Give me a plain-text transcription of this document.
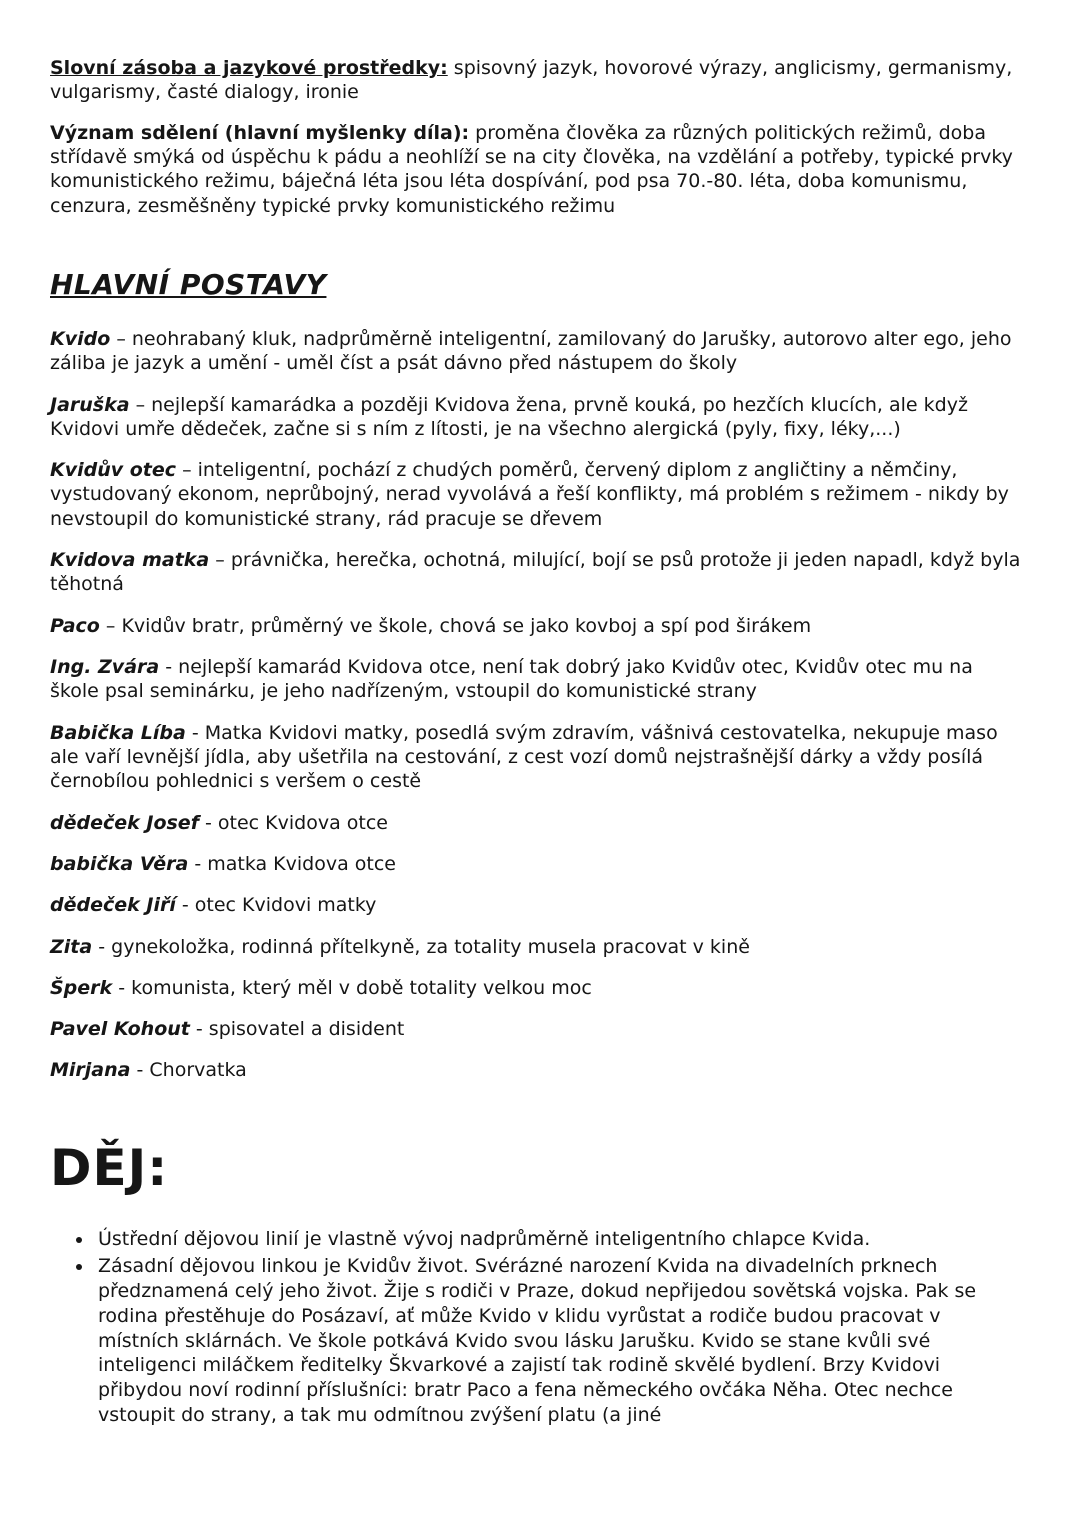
Slovní zásoba a jazykové prostředky: spisovný jazyk, hovorové výrazy, anglicismy, germanismy, vulgarismy, časté dialogy, ironie

Význam sdělení (hlavní myšlenky díla): proměna člověka za různých politických režimů, doba střídavě smýká od úspěchu k pádu a neohlíží se na city člověka, na vzdělání a potřeby, typické prvky komunistického režimu, báječná léta jsou léta dospívání, pod psa 70.-80. léta, doba komunismu, cenzura, zesměšněny typické prvky komunistického režimu

HLAVNÍ POSTAVY

Kvido – neohrabaný kluk, nadprůměrně inteligentní, zamilovaný do Jarušky, autorovo alter ego, jeho záliba je jazyk a umění - uměl číst a psát dávno před nástupem do školy

Jaruška – nejlepší kamarádka a později Kvidova žena, prvně kouká, po hezčích klucích, ale když Kvidovi umře dědeček, začne si s ním z lítosti, je na všechno alergická (pyly, fixy, léky,...)

Kvidův otec – inteligentní, pochází z chudých poměrů, červený diplom z angličtiny a němčiny, vystudovaný ekonom, neprůbojný, nerad vyvolává a řeší konflikty, má problém s režimem - nikdy by nevstoupil do komunistické strany, rád pracuje se dřevem

Kvidova matka – právnička, herečka, ochotná, milující, bojí se psů protože ji jeden napadl, když byla těhotná

Paco – Kvidův bratr, průměrný ve škole, chová se jako kovboj a spí pod širákem

Ing. Zvára - nejlepší kamarád Kvidova otce, není tak dobrý jako Kvidův otec, Kvidův otec mu na škole psal seminárku, je jeho nadřízeným, vstoupil do komunistické strany

Babička Líba - Matka Kvidovi matky, posedlá svým zdravím, vášnivá cestovatelka, nekupuje maso ale vaří levnější jídla, aby ušetřila na cestování, z cest vozí domů nejstrašnější dárky a vždy posílá černobílou pohlednici s veršem o cestě

dědeček Josef - otec Kvidova otce

babička Věra - matka Kvidova otce

dědeček Jiří - otec Kvidovi matky

Zita - gynekoložka, rodinná přítelkyně, za totality musela pracovat v kině

Šperk - komunista, který měl v době totality velkou moc

Pavel Kohout - spisovatel a disident

Mirjana - Chorvatka

DĚJ:
• Ústřední dějovou linií je vlastně vývoj nadprůměrně inteligentního chlapce Kvida.
• Zásadní dějovou linkou je Kvidův život. Svérázné narození Kvida na divadelních prknech předznamená celý jeho život. Žije s rodiči v Praze, dokud nepřijedou sovětská vojska. Pak se rodina přestěhuje do Posázaví, ať může Kvido v klidu vyrůstat a rodiče budou pracovat v místních sklárnách. Ve škole potkává Kvido svou lásku Jarušku. Kvido se stane kvůli své inteligenci miláčkem ředitelky Škvarkové a zajistí tak rodině skvělé bydlení. Brzy Kvidovi přibydou noví rodinní příslušníci: bratr Paco a fena německého ovčáka Něha. Otec nechce vstoupit do strany, a tak mu odmítnou zvýšení platu (a jiné
